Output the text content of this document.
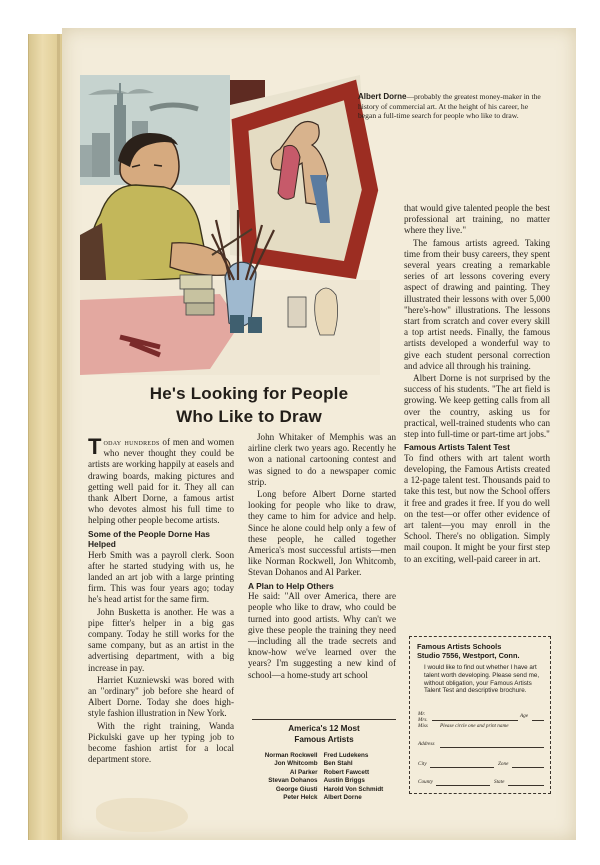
Albert Dorne—probably the greatest money-maker in the history of commercial art. At the height of his career, he began a full-time search for people who like to draw.
He's Looking for People
Who Like to Draw

Today hundreds of men and women who never thought they could be artists are working happily at easels and drawing boards, making pictures and getting well paid for it. They all can thank Albert Dorne, a famous artist who devotes almost his full time to helping other people become artists.

Some of the People Dorne Has Helped

Herb Smith was a payroll clerk. Soon after he started studying with us, he landed an art job with a large printing firm. This was four years ago; today he's head artist for the same firm.

John Busketta is another. He was a pipe fitter's helper in a big gas company. Today he still works for the same company, but as an artist in the advertising department, with a big increase in pay.

Harriet Kuzniewski was bored with an "ordinary" job before she heard of Albert Dorne. Today she does high-style fashion illustration in New York.

With the right training, Wanda Pickulski gave up her typing job to become fashion artist for a local department store.

John Whitaker of Memphis was an airline clerk two years ago. Recently he won a national cartooning contest and was signed to do a newspaper comic strip.

Long before Albert Dorne started looking for people who like to draw, they came to him for advice and help. Since he alone could help only a few of these people, he called together America's most successful artists—men like Norman Rockwell, Jon Whitcomb, Stevan Dohanos and Al Parker.

A Plan to Help Others

He said: "All over America, there are people who like to draw, who could be turned into good artists. Why can't we give these people the training they need—including all the trade secrets and know-how we've learned over the years? I'm suggesting a new kind of school—a home-study art school

America's 12 Most
Famous Artists
Norman Rockwell	Fred Ludekens
Jon Whitcomb	Ben Stahl
Al Parker	Robert Fawcett
Stevan Dohanos	Austin Briggs
George Giusti	Harold Von Schmidt
Peter Helck	Albert Dorne

that would give talented people the best professional art training, no matter where they live."

The famous artists agreed. Taking time from their busy careers, they spent several years creating a remarkable series of art lessons covering every aspect of drawing and painting. They illustrated their lessons with over 5,000 "here's-how" illustrations. The lessons start from scratch and cover every skill a top artist needs. Finally, the famous artists developed a wonderful way to give each student personal correction and advice all through his training.

Albert Dorne is not surprised by the success of his students. "The art field is growing. We keep getting calls from all over the country, asking us for practical, well-trained students who can step into full-time or part-time art jobs."

Famous Artists Talent Test

To find others with art talent worth developing, the Famous Artists created a 12-page talent test. Thousands paid to take this test, but now the School offers it free and grades it free. If you do well on the test—or offer other evidence of art talent—you may enroll in the School. There's no obligation. Simply mail coupon. It might be your first step to an exciting, well-paid career in art.

Famous Artists Schools
Studio 7556, Westport, Conn.
I would like to find out whether I have art talent worth developing. Please send me, without obligation, your Famous Artists Talent Test and descriptive brochure.
Mr.
Mrs.
Miss
Age
Please circle one and print name
Address
City	Zone
County	State
